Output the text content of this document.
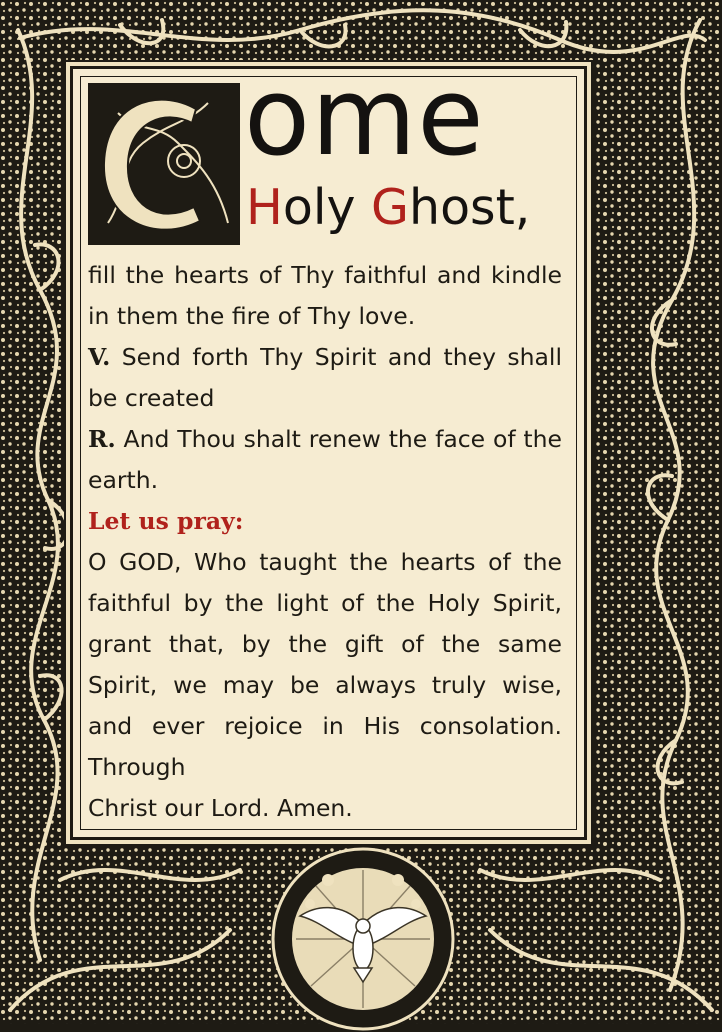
ome
Holy Ghost,

fill the hearts of Thy faithful and kindle in them the fire of Thy love.

V. Send forth Thy Spirit and they shall be created

R. And Thou shalt renew the face of the earth.

Let us pray:

O GOD, Who taught the hearts of the faithful by the light of the Holy Spirit, grant that, by the gift of the same Spirit, we may be always truly wise, and ever rejoice in His consolation. Through

Christ our Lord. Amen.
